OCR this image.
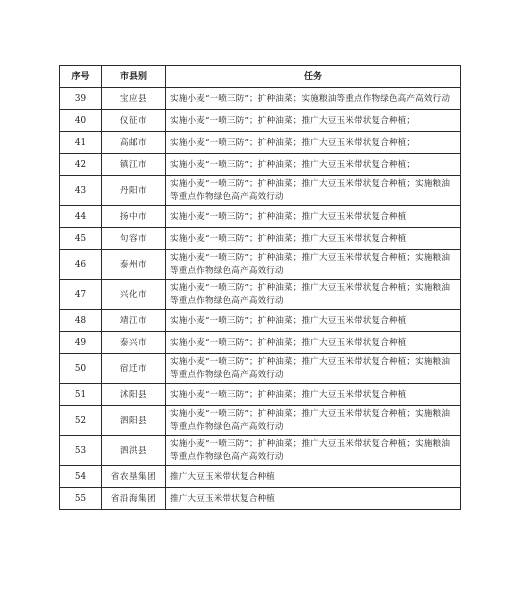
序号	市县别	任务
39	宝应县	实施小麦“一喷三防”；扩种油菜；实施粮油等重点作物绿色高产高效行动
40	仪征市	实施小麦“一喷三防”；扩种油菜；推广大豆玉米带状复合种植；
41	高邮市	实施小麦“一喷三防”；扩种油菜；推广大豆玉米带状复合种植；
42	镇江市	实施小麦“一喷三防”；扩种油菜；推广大豆玉米带状复合种植；
43	丹阳市	实施小麦“一喷三防”；扩种油菜；推广大豆玉米带状复合种植；实施粮油等重点作物绿色高产高效行动
44	扬中市	实施小麦“一喷三防”；扩种油菜；推广大豆玉米带状复合种植
45	句容市	实施小麦“一喷三防”；扩种油菜；推广大豆玉米带状复合种植
46	泰州市	实施小麦“一喷三防”；扩种油菜；推广大豆玉米带状复合种植；实施粮油等重点作物绿色高产高效行动
47	兴化市	实施小麦“一喷三防”；扩种油菜；推广大豆玉米带状复合种植；实施粮油等重点作物绿色高产高效行动
48	靖江市	实施小麦“一喷三防”；扩种油菜；推广大豆玉米带状复合种植
49	泰兴市	实施小麦“一喷三防”；扩种油菜；推广大豆玉米带状复合种植
50	宿迁市	实施小麦“一喷三防”；扩种油菜；推广大豆玉米带状复合种植；实施粮油等重点作物绿色高产高效行动
51	沭阳县	实施小麦“一喷三防”；扩种油菜；推广大豆玉米带状复合种植
52	泗阳县	实施小麦“一喷三防”；扩种油菜；推广大豆玉米带状复合种植；实施粮油等重点作物绿色高产高效行动
53	泗洪县	实施小麦“一喷三防”；扩种油菜；推广大豆玉米带状复合种植；实施粮油等重点作物绿色高产高效行动
54	省农垦集团	推广大豆玉米带状复合种植
55	省沿海集团	推广大豆玉米带状复合种植
